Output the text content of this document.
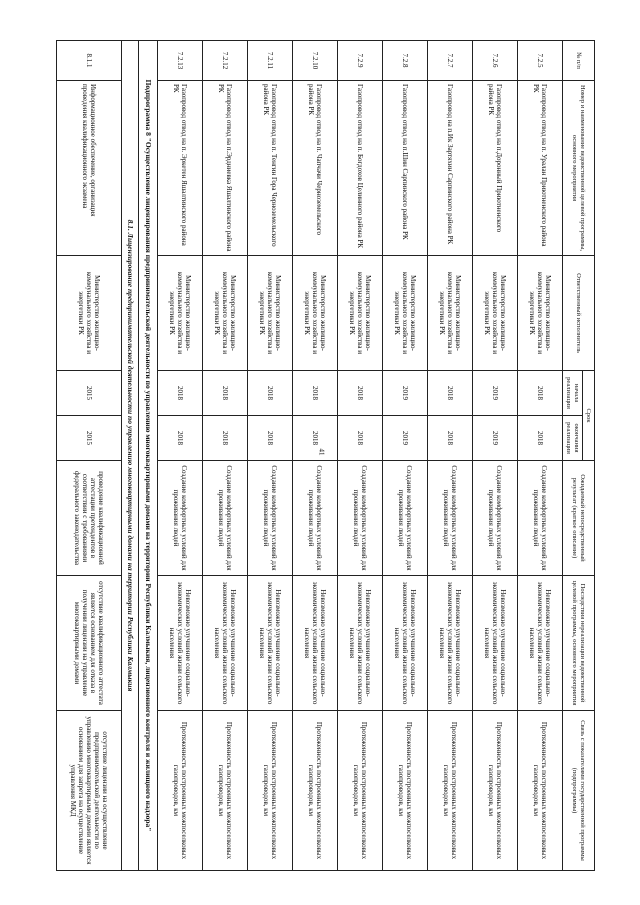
41
№ п/п	Номер и наименование ведомственной целевой программы, основного мероприятия	Ответственный исполнитель	Срок		Ожидаемый непосредственный результат (краткое описание)	Последствия нереализации ведомственной целевой программы, основного мероприятия	Связь с показателями государственной программы (подпрограммы)
			начала реализации	окончания реализации			
7.2.5	Газопровод отвод на п. Уралан Приютненского района РК	Министерство жилищно-коммунального хозяйства и энергетики РК	2018	2018	Создание комфортных условий для проживания людей	Невозможно улучшение социально-экономических условий жизни сельского населения	Протяженность построенных межпоселковых газопроводов, км
7.2.6	Газопровод отвод на п.Доронный Приютненского района РК	Министерство жилищно-коммунального хозяйства и энергетики РК	2019	2019	Создание комфортных условий для проживания людей	Невозможно улучшение социально-экономических условий жизни сельского населения	Протяженность построенных межпоселковых газопроводов, км
7.2.7	Газопровод на п.Ик Зартяхин Сарпинского района РК	Министерство жилищно-коммунального хозяйства и энергетики РК	2018	2018	Создание комфортных условий для проживания людей	Невозможно улучшение социально-экономических условий жизни сельского населения	Протяженность построенных межпоселковых газопроводов, км
7.2.8	Газопровод отвод на п.Шин Сарпинского района РК	Министерство жилищно-коммунального хозяйства и энергетики РК	2019	2019	Создание комфортных условий для проживания людей	Невозможно улучшение социально-экономических условий жизни сельского населения	Протяженность построенных межпоселковых газопроводов, км
7.2.9	Газопровод отвод на п. Богдохов Целинного района РК	Министерство жилищно-коммунального хозяйства и энергетики РК	2018	2018	Создание комфортных условий для проживания людей	Невозможно улучшение социально-экономических условий жизни сельского населения	Протяженность построенных межпоселковых газопроводов, км
7.2.10	Газопровод отвод на п. Чапчачи Черноземельского района РК	Министерство жилищно-коммунального хозяйства и энергетики РК	2018	2018	Создание комфортных условий для проживания людей	Невозможно улучшение социально-экономических условий жизни сельского населения	Протяженность построенных межпоселковых газопроводов, км
7.2.11	Газопровод отвод на п. Тенгин Гора Черноземельского района РК	Министерство жилищно-коммунального хозяйства и энергетики РК	2018	2018	Создание комфортных условий для проживания людей	Невозможно улучшение социально-экономических условий жизни сельского населения	Протяженность построенных межпоселковых газопроводов, км
7.2.12	Газопровод отвод на п.Эрдниевка Яшалтинского района РК	Министерство жилищно-коммунального хозяйства и энергетики РК	2018	2018	Создание комфортных условий для проживания людей	Невозможно улучшение социально-экономических условий жизни сельского населения	Протяженность построенных межпоселковых газопроводов, км
7.2.13	Газопровод отвод на п. Эркетен Яшалтинского района РК	Министерство жилищно-коммунального хозяйства и энергетики РК	2018	2018	Создание комфортных условий для проживания людей	Невозможно улучшение социально-экономических условий жизни сельского населения	Протяженность построенных межпоселковых газопроводов, км
Подпрограмма 8 "Осуществление лицензирования предпринимательской деятельности по управлению многоквартирными домами на территории Республики Калмыкия, лицензионного контроля и жилищного надзора"							
8.1. Лицензирование предпринимательской деятельности по управлению многоквартирными домами на территории Республики Калмыкия							
8.1.1	Информационное обеспечение, организация проведения квалификационного экзамена	Министерство жилищно-коммунального хозяйства и энергетики РК	2015	2015	проведение квалификационной аттестации претендентов в соответствии с требованиями федерального законодательства	отсутствие квалификационного аттестата является основанием для отказа в получении лицензии на управление многоквартирными домами	отсутствие лицензии на осуществление предпринимательской деятельности по управлению многоквартирными домами является основанием для запрета на осуществление управления МКД
